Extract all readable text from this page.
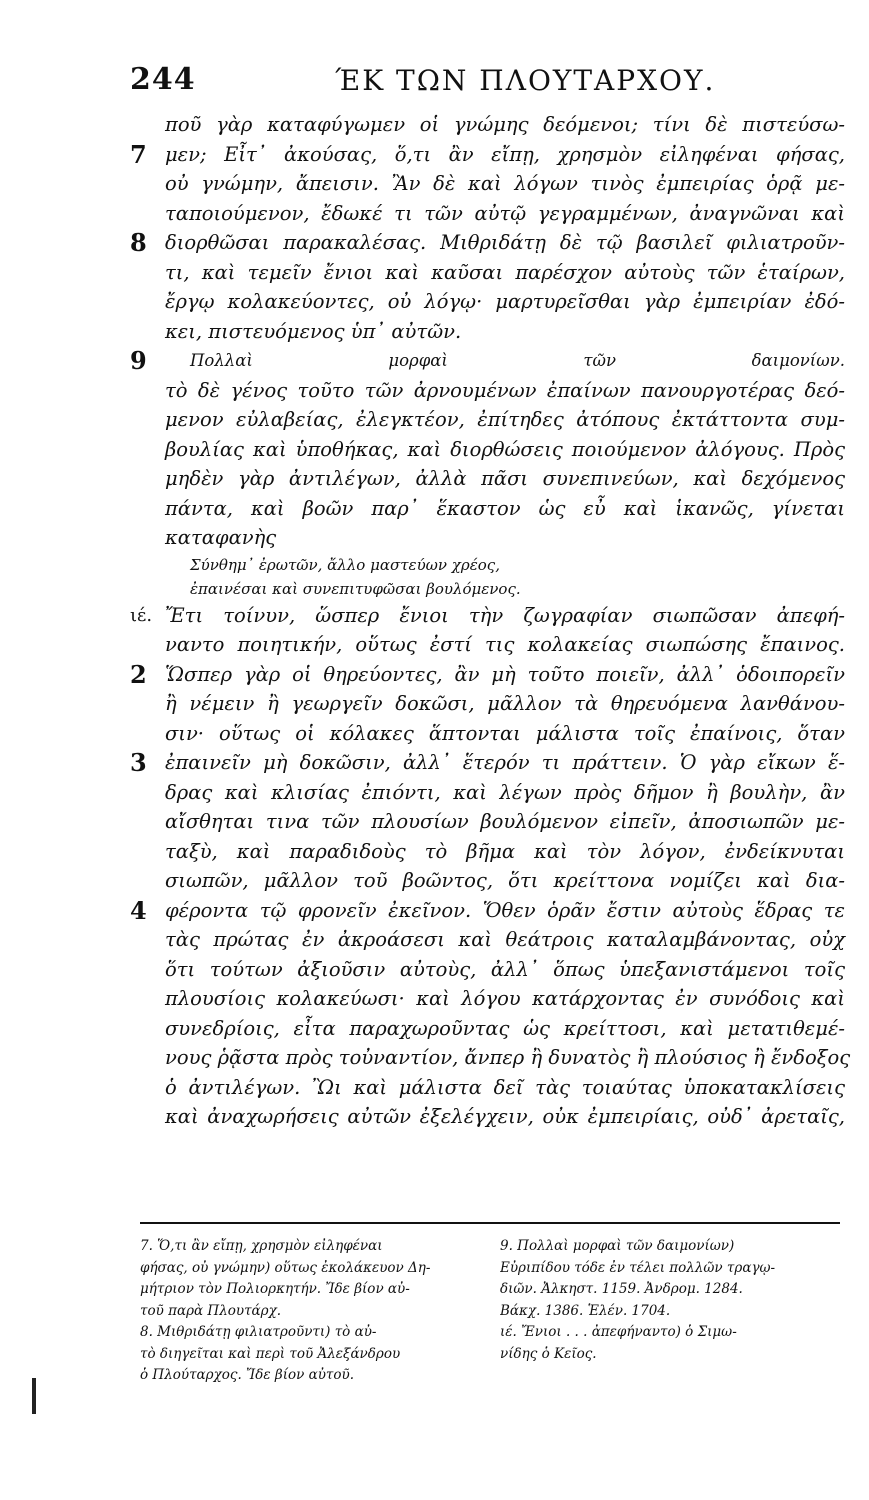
244	ΈΚ ΤΩΝ ΠΛΟΥΤΑΡΧΟΥ.
ποῦ γὰρ καταφύγωμεν οἱ γνώμης δεόμενοι; τίνι δὲ πιστεύσω-
7 μεν; Εἶτ᾽ ἀκούσας, ὅ,τι ἂν εἴπῃ, χρησμὸν εἰληφέναι φήσας,
οὐ γνώμην, ἄπεισιν. Ἂν δὲ καὶ λόγων τινὸς ἐμπειρίας ὁρᾷ με-
ταποιούμενον, ἔδωκέ τι τῶν αὐτῷ γεγραμμένων, ἀναγνῶναι καὶ
8 διορθῶσαι παρακαλέσας. Μιθριδάτῃ δὲ τῷ βασιλεῖ φιλιατροῦν-
τι, καὶ τεμεῖν ἔνιοι καὶ καῦσαι παρέσχον αὐτοὺς τῶν ἑταίρων,
ἔργῳ κολακεύοντες, οὐ λόγῳ· μαρτυρεῖσθαι γὰρ ἐμπειρίαν ἐδό-
κει, πιστευόμενος ὑπ᾽ αὐτῶν.
9	Πολλαὶ μορφαὶ τῶν δαιμονίων.
τὸ δὲ γένος τοῦτο τῶν ἀρνουμένων ἐπαίνων πανουργοτέρας δεό-
μενον εὐλαβείας, ἐλεγκτέον, ἐπίτηδες ἀτόπους ἐκτάττοντα συμ-
βουλίας καὶ ὑποθήκας, καὶ διορθώσεις ποιούμενον ἀλόγους. Πρὸς
μηδὲν γὰρ ἀντιλέγων, ἀλλὰ πᾶσι συνεπινεύων, καὶ δεχόμενος
πάντα, καὶ βοῶν παρ᾽ ἕκαστον ὡς εὖ καὶ ἱκανῶς, γίνεται
καταφανὴς
Σύνθημ᾽ ἐρωτῶν, ἄλλο μαστεύων χρέος,
ἐπαινέσαι καὶ συνεπιτυφῶσαι βουλόμενος.
ιέ. Ἔτι τοίνυν, ὥσπερ ἔνιοι τὴν ζωγραφίαν σιωπῶσαν ἀπεφή-
ναντο ποιητικήν, οὕτως ἐστί τις κολακείας σιωπώσης ἔπαινος.
2 Ὥσπερ γὰρ οἱ θηρεύοντες, ἂν μὴ τοῦτο ποιεῖν, ἀλλ᾽ ὁδοιπορεῖν
ἢ νέμειν ἢ γεωργεῖν δοκῶσι, μᾶλλον τὰ θηρευόμενα λανθάνου-
σιν· οὕτως οἱ κόλακες ἅπτονται μάλιστα τοῖς ἐπαίνοις, ὅταν
3 ἐπαινεῖν μὴ δοκῶσιν, ἀλλ᾽ ἕτερόν τι πράττειν. Ὁ γὰρ εἴκων ἕ-
δρας καὶ κλισίας ἐπιόντι, καὶ λέγων πρὸς δῆμον ἢ βουλὴν, ἂν
αἴσθηται τινα τῶν πλουσίων βουλόμενον εἰπεῖν, ἀποσιωπῶν με-
ταξὺ, καὶ παραδιδοὺς τὸ βῆμα καὶ τὸν λόγον, ἐνδείκνυται
σιωπῶν, μᾶλλον τοῦ βοῶντος, ὅτι κρείττονα νομίζει καὶ δια-
4 φέροντα τῷ φρονεῖν ἐκεῖνον. Ὅθεν ὁρᾶν ἔστιν αὐτοὺς ἕδρας τε
τὰς πρώτας ἐν ἀκροάσεσι καὶ θεάτροις καταλαμβάνοντας, οὐχ
ὅτι τούτων ἀξιοῦσιν αὐτοὺς, ἀλλ᾽ ὅπως ὑπεξανιστάμενοι τοῖς
πλουσίοις κολακεύωσι· καὶ λόγου κατάρχοντας ἐν συνόδοις καὶ
συνεδρίοις, εἶτα παραχωροῦντας ὡς κρείττοσι, καὶ μετατιθεμέ-
νους ῥᾷστα πρὸς τοὐναντίον, ἄνπερ ἢ δυνατὸς ἢ πλούσιος ἢ ἔνδοξος
ὁ ἀντιλέγων. Ὢι καὶ μάλιστα δεῖ τὰς τοιαύτας ὑποκατακλίσεις
καὶ ἀναχωρήσεις αὐτῶν ἐξελέγχειν, οὐκ ἐμπειρίαις, οὐδ᾽ ἀρεταῖς,
7. Ὅ,τι ἂν εἴπῃ, χρησμὸν εἰληφέναι
φήσας, οὐ γνώμην) οὕτως ἐκολάκευον Δη-
μήτριον τὸν Πολιορκητήν. Ἴδε βίον αὐ-
τοῦ παρὰ Πλουτάρχ.
8. Μιθριδάτῃ φιλιατροῦντι) τὸ αὐ-
τὸ διηγεῖται καὶ περὶ τοῦ Ἀλεξάνδρου
ὁ Πλούταρχος. Ἴδε βίον αὐτοῦ.
9. Πολλαὶ μορφαὶ τῶν δαιμονίων)
Εὐριπίδου τόδε ἐν τέλει πολλῶν τραγῳ-
διῶν. Ἀλκηστ. 1159. Ἀνδρομ. 1284.
Βάκχ. 1386. Ἑλέν. 1704.
ιέ. Ἔνιοι . . . ἀπεφήναντο) ὁ Σιμω-
νίδης ὁ Κεῖος.
